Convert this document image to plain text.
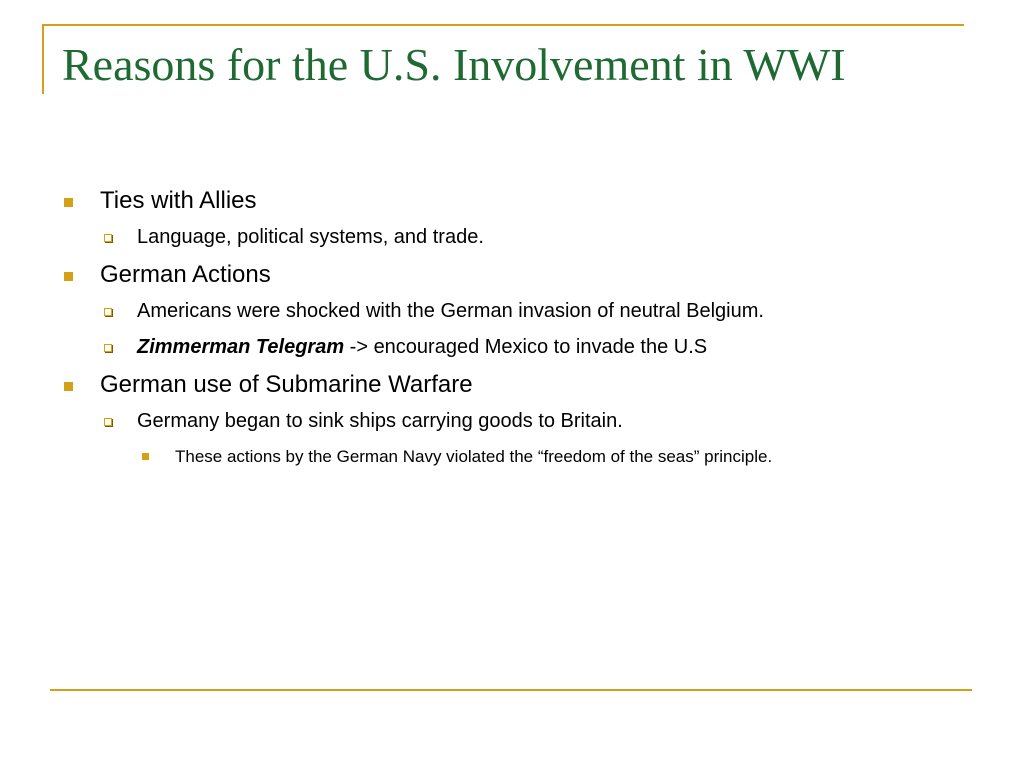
Reasons for the U.S. Involvement in WWI
Ties with Allies
Language, political systems, and trade.
German Actions
Americans were shocked with the German invasion of neutral Belgium.
Zimmerman Telegram -> encouraged Mexico to invade the U.S
German use of Submarine Warfare
Germany began to sink ships carrying goods to Britain.
These actions by the German Navy violated the “freedom of the seas” principle.
